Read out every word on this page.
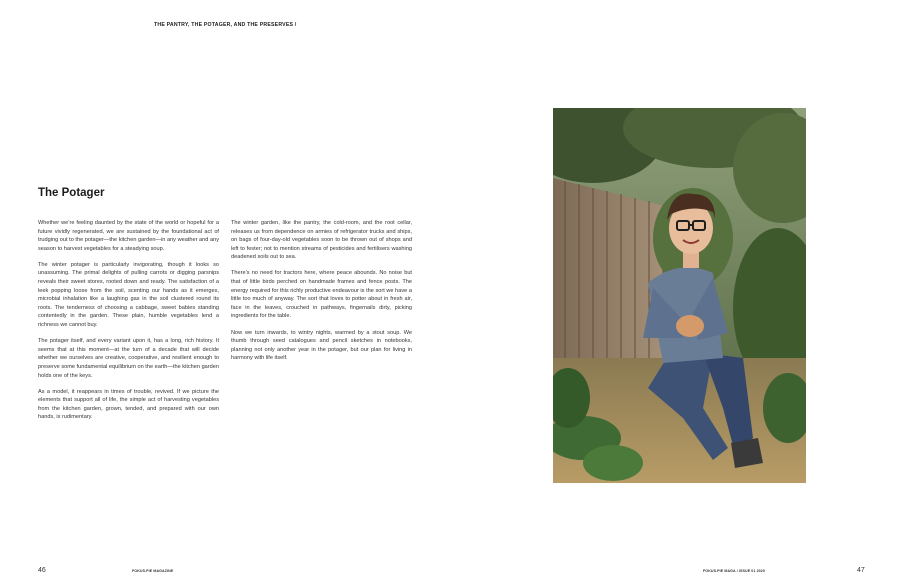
THE PANTRY, THE POTAGER, AND THE PRESERVES /
The Potager

Whether we’re feeling daunted by the state of the world or hopeful for a future vividly regenerated, we are sustained by the foundational act of trudging out to the potager—the kitchen garden—in any weather and any season to harvest vegetables for a steadying soup.

The winter potager is particularly invigorating, though it looks so unassuming. The primal delights of pulling carrots or digging parsnips reveals their sweet stores, rooted down and ready. The satisfaction of a leek popping loose from the soil, scenting our hands as it emerges, microbial inhalation like a laughing gas in the soil clustered round its roots. The tenderness of choosing a cabbage, sweet babies standing contentedly in the garden. These plain, humble vegetables lend a richness we cannot buy.

The potager itself, and every variant upon it, has a long, rich history. It seems that at this moment—at the turn of a decade that will decide whether we ourselves are creative, cooperative, and resilient enough to preserve some fundamental equilibrium on the earth—the kitchen garden holds one of the keys.

As a model, it reappears in times of trouble, revived. If we picture the elements that support all of life, the simple act of harvesting vegetables from the kitchen garden, grown, tended, and prepared with our own hands, is rudimentary.

The winter garden, like the pantry, the cold-room, and the root cellar, releases us from dependence on armies of refrigerator trucks and ships, on bags of four-day-old vegetables soon to be thrown out of shops and left to fester; not to mention streams of pesticides and fertilisers washing deadened soils out to sea.

There’s no need for tractors here, where peace abounds. No noise but that of little birds perched on handmade frames and fence posts. The energy required for this richly productive endeavour is the sort we have a little too much of anyway. The sort that loves to potter about in fresh air, face in the leaves, crouched in pathways, fingernails dirty, picking ingredients for the table.

Now we turn inwards, to wintry nights, warmed by a stout soup. We thumb through seed catalogues and pencil sketches in notebooks, planning not only another year in the potager, but our plan for living in harmony with life itself.

46	FOKUS.PIE MAGAZINE	FOKUS.PIE MAGA / ISSUE 01 2020	47
